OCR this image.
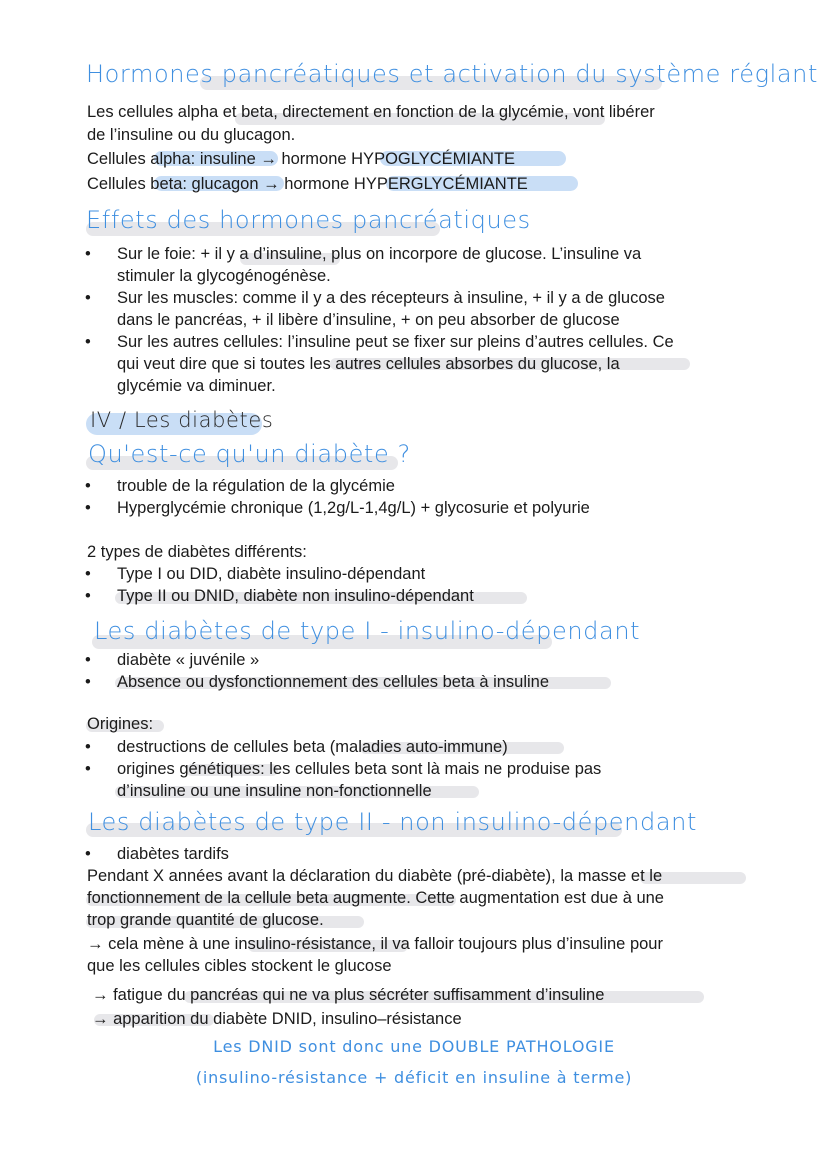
Hormones pancréatiques et activation du système réglant
Les cellules alpha et beta, directement en fonction de la glycémie, vont libérer
de l’insuline ou du glucagon.
Cellules alpha: insuline → hormone HYPOGLYCÉMIANTE
Cellules beta: glucagon → hormone HYPERGLYCÉMIANTE
Effets des hormones pancréatiques
• Sur le foie: + il y a d’insuline, plus on incorpore de glucose. L’insuline va
stimuler la glycogénogénèse.
• Sur les muscles: comme il y a des récepteurs à insuline, + il y a de glucose
dans le pancréas, + il libère d’insuline, + on peu absorber de glucose
• Sur les autres cellules: l’insuline peut se fixer sur pleins d’autres cellules. Ce
qui veut dire que si toutes les autres cellules absorbes du glucose, la
glycémie va diminuer.
IV / Les diabètes
Qu'est-ce qu'un diabète ?
• trouble de la régulation de la glycémie
• Hyperglycémie chronique (1,2g/L-1,4g/L) + glycosurie et polyurie
2 types de diabètes différents:
• Type I ou DID, diabète insulino-dépendant
• Type II ou DNID, diabète non insulino-dépendant
Les diabètes de type I - insulino-dépendant
• diabète « juvénile »
• Absence ou dysfonctionnement des cellules beta à insuline
Origines:
• destructions de cellules beta (maladies auto-immune)
• origines génétiques: les cellules beta sont là mais ne produise pas
d’insuline ou une insuline non-fonctionnelle
Les diabètes de type II - non insulino-dépendant
• diabètes tardifs
Pendant X années avant la déclaration du diabète (pré-diabète), la masse et le
fonctionnement de la cellule beta augmente. Cette augmentation est due à une
trop grande quantité de glucose.
→ cela mène à une insulino-résistance, il va falloir toujours plus d’insuline pour
que les cellules cibles stockent le glucose
→ fatigue du pancréas qui ne va plus sécréter suffisamment d’insuline
→ apparition du diabète DNID, insulino–résistance
Les DNID sont donc une DOUBLE PATHOLOGIE
(insulino-résistance + déficit en insuline à terme)
